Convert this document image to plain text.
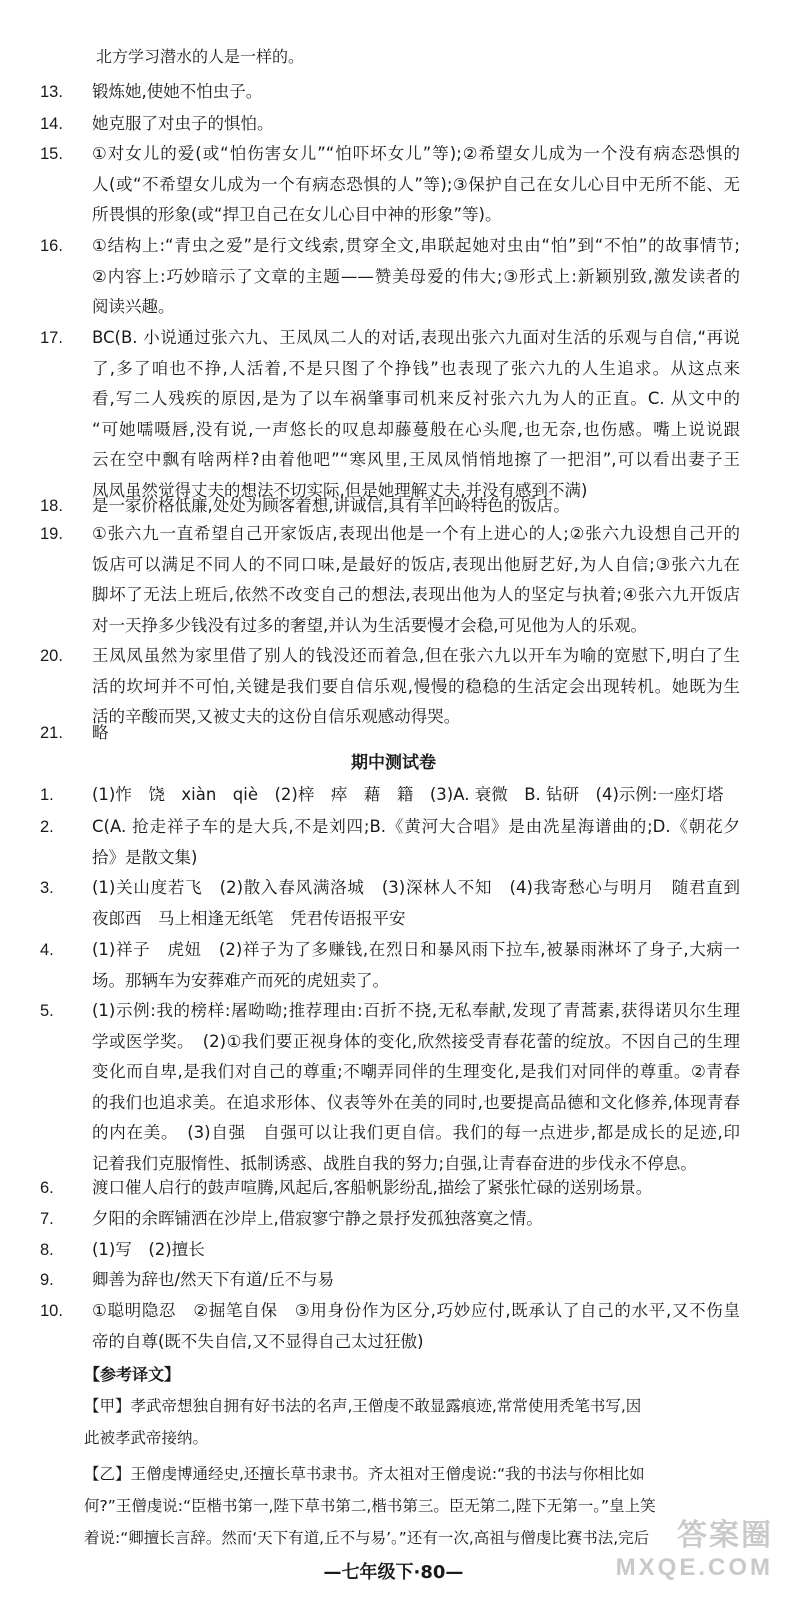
北方学习潜水的人是一样的。
13.	锻炼她,使她不怕虫子。
14.	她克服了对虫子的惧怕。
15.	①对女儿的爱(或“怕伤害女儿”“怕吓坏女儿”等);②希望女儿成为一个没有病态恐惧的
人(或“不希望女儿成为一个有病态恐惧的人”等);③保护自己在女儿心目中无所不能、无
所畏惧的形象(或“捍卫自己在女儿心目中神的形象”等)。
16.	①结构上:“青虫之爱”是行文线索,贯穿全文,串联起她对虫由“怕”到“不怕”的故事情节;
②内容上:巧妙暗示了文章的主题——赞美母爱的伟大;③形式上:新颖别致,激发读者的
阅读兴趣。
17.	BC(B. 小说通过张六九、王凤凤二人的对话,表现出张六九面对生活的乐观与自信,“再说
了,多了咱也不挣,人活着,不是只图了个挣钱”也表现了张六九的人生追求。从这点来
看,写二人残疾的原因,是为了以车祸肇事司机来反衬张六九为人的正直。C. 从文中的
“可她嚅嗫唇,没有说,一声悠长的叹息却藤蔓般在心头爬,也无奈,也伤感。嘴上说说跟
云在空中飘有啥两样?由着他吧”“寒风里,王凤凤悄悄地擦了一把泪”,可以看出妻子王
凤凤虽然觉得丈夫的想法不切实际,但是她理解丈夫,并没有感到不满)
18.	是一家价格低廉,处处为顾客着想,讲诚信,具有羊凹岭特色的饭店。
19.	①张六九一直希望自己开家饭店,表现出他是一个有上进心的人;②张六九设想自己开的
饭店可以满足不同人的不同口味,是最好的饭店,表现出他厨艺好,为人自信;③张六九在
脚坏了无法上班后,依然不改变自己的想法,表现出他为人的坚定与执着;④张六九开饭店
对一天挣多少钱没有过多的奢望,并认为生活要慢才会稳,可见他为人的乐观。
20.	王凤凤虽然为家里借了别人的钱没还而着急,但在张六九以开车为喻的宽慰下,明白了生
活的坎坷并不可怕,关键是我们要自信乐观,慢慢的稳稳的生活定会出现转机。她既为生
活的辛酸而哭,又被丈夫的这份自信乐观感动得哭。
21.	略
期中测试卷
1.	(1)怍　饶　xiàn　qiè　(2)梓　瘁　藉　籍　(3)A. 衰微　B. 钻研　(4)示例:一座灯塔
2.	C(A. 抢走祥子车的是大兵,不是刘四;B.《黄河大合唱》是由冼星海谱曲的;D.《朝花夕
拾》是散文集)
3.	(1)关山度若飞　(2)散入春风满洛城　(3)深林人不知　(4)我寄愁心与明月　随君直到
夜郎西　马上相逢无纸笔　凭君传语报平安
4.	(1)祥子　虎妞　(2)祥子为了多赚钱,在烈日和暴风雨下拉车,被暴雨淋坏了身子,大病一
场。那辆车为安葬难产而死的虎妞卖了。
5.	(1)示例:我的榜样:屠呦呦;推荐理由:百折不挠,无私奉献,发现了青蒿素,获得诺贝尔生理
学或医学奖。　(2)①我们要正视身体的变化,欣然接受青春花蕾的绽放。不因自己的生理
变化而自卑,是我们对自己的尊重;不嘲弄同伴的生理变化,是我们对同伴的尊重。②青春
的我们也追求美。在追求形体、仪表等外在美的同时,也要提高品德和文化修养,体现青春
的内在美。　(3)自强　自强可以让我们更自信。我们的每一点进步,都是成长的足迹,印
记着我们克服惰性、抵制诱惑、战胜自我的努力;自强,让青春奋进的步伐永不停息。
6.	渡口催人启行的鼓声喧腾,风起后,客船帆影纷乱,描绘了紧张忙碌的送别场景。
7.	夕阳的余晖铺洒在沙岸上,借寂寥宁静之景抒发孤独落寞之情。
8.	(1)写　(2)擅长
9.	卿善为辞也/然天下有道/丘不与易
10.	①聪明隐忍　②掘笔自保　③用身份作为区分,巧妙应付,既承认了自己的水平,又不伤皇
帝的自尊(既不失自信,又不显得自己太过狂傲)
【参考译文】
【甲】孝武帝想独自拥有好书法的名声,王僧虔不敢显露痕迹,常常使用秃笔书写,因
此被孝武帝接纳。
【乙】王僧虔博通经史,还擅长草书隶书。齐太祖对王僧虔说:“我的书法与你相比如
何?”王僧虔说:“臣楷书第一,陛下草书第二,楷书第三。臣无第二,陛下无第一。”皇上笑
着说:“卿擅长言辞。然而‘天下有道,丘不与易’。”还有一次,高祖与僧虔比赛书法,完后
—七年级下·80—
答案圈
MXQE.COM
